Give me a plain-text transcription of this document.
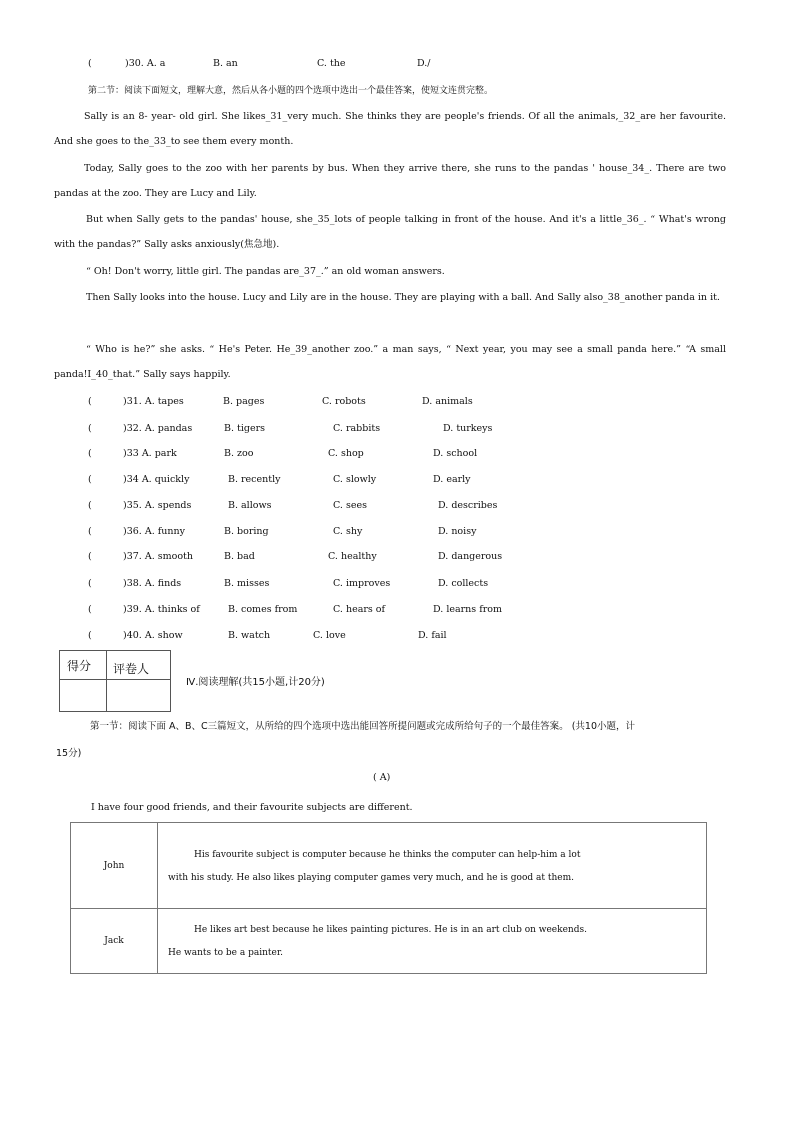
(	)30. A. a	B. an	C. the	D./
第二节：阅读下面短文，理解大意，然后从各小题的四个选项中选出一个最佳答案，使短文连贯完整。
Sally is an 8- year- old girl. She likes_31_very much. She thinks they are people's friends. Of all the animals,_32_are her favourite. And she goes to the_33_to see them every month.
Today, Sally goes to the zoo with her parents by bus. When they arrive there, she runs to the pandas ' house_34_. There are two pandas at the zoo. They are Lucy and Lily.
But when Sally gets to the pandas' house, she_35_lots of people talking in front of the house. And it's a little_36_. “ What's wrong with the pandas?” Sally asks anxiously(焦急地).
“ Oh! Don't worry, little girl. The pandas are_37_.” an old woman answers.
Then Sally looks into the house. Lucy and Lily are in the house. They are playing with a ball. And Sally also_38_another panda in it.
“ Who is he?” she asks. “ He's Peter. He_39_another zoo.” a man says, “ Next year, you may see a small panda here.” “A small panda!I_40_that.” Sally says happily.
(	)31. A. tapes	B. pages	C. robots	D. animals
(	)32. A. pandas	B. tigers	C. rabbits	D. turkeys
(	)33 A. park	B. zoo	C. shop	D. school
(	)34 A. quickly	B. recently	C. slowly	D. early
(	)35. A. spends	B. allows	C. sees	D. describes
(	)36. A. funny	B. boring	C. shy	D. noisy
(	)37. A. smooth	B. bad	C. healthy	D. dangerous
(	)38. A. finds	B. misses	C. improves	D. collects
(	)39. A. thinks of	B. comes from	C. hears of	D. learns from
(	)40. A. show	B. watch	C. love	D. fail
得分 评卷人
Ⅳ.阅读理解(共15小题,计20分)
第一节：阅读下面 A、B、C三篇短文，从所给的四个选项中选出能回答所提问题或完成所给句子的一个最佳答案。 (共10小题，计
15分)
( A)
I have four good friends, and their favourite subjects are different.
John	His favourite subject is computer because he thinks the computer can help-him a lot with his study. He also likes playing computer games very much, and he is good at them.

Jack	He likes art best because he likes painting pictures. He is in an art club on weekends. He wants to be a painter.
